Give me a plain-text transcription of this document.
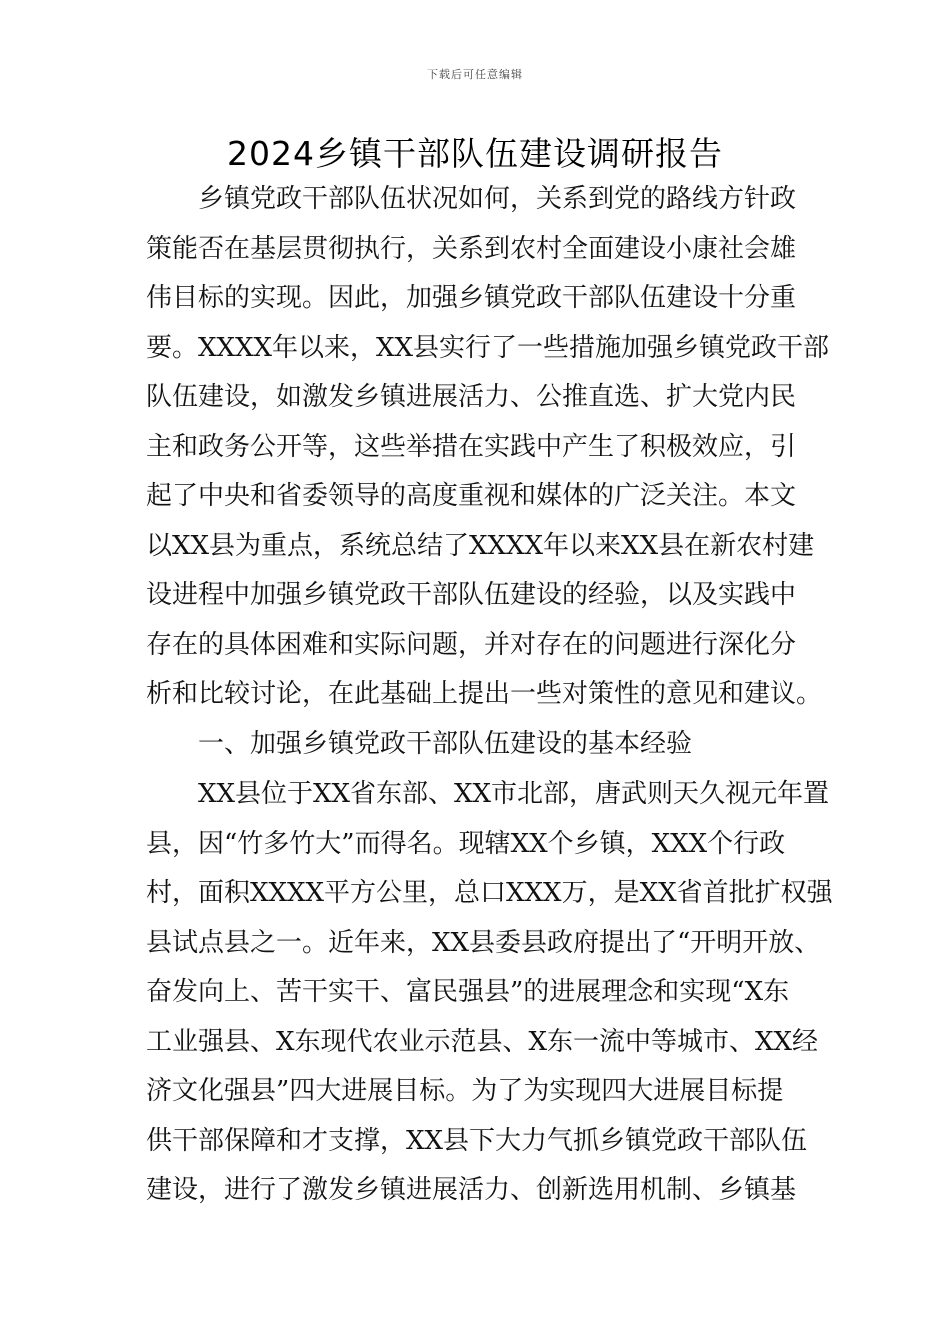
下载后可任意编辑
2024乡镇干部队伍建设调研报告
　　乡镇党政干部队伍状况如何，关系到党的路线方针政
策能否在基层贯彻执行，关系到农村全面建设小康社会雄
伟目标的实现。因此，加强乡镇党政干部队伍建设十分重
要。XXXX年以来，XX县实行了一些措施加强乡镇党政干部
队伍建设，如激发乡镇进展活力、公推直选、扩大党内民
主和政务公开等，这些举措在实践中产生了积极效应，引
起了中央和省委领导的高度重视和媒体的广泛关注。本文
以XX县为重点，系统总结了XXXX年以来XX县在新农村建
设进程中加强乡镇党政干部队伍建设的经验，以及实践中
存在的具体困难和实际问题，并对存在的问题进行深化分
析和比较讨论，在此基础上提出一些对策性的意见和建议。
　　一、加强乡镇党政干部队伍建设的基本经验
　　XX县位于XX省东部、XX市北部，唐武则天久视元年置
县，因“竹多竹大”而得名。现辖XX个乡镇，XXX个行政
村，面积XXXX平方公里，总口XXX万，是XX省首批扩权强
县试点县之一。近年来，XX县委县政府提出了“开明开放、
奋发向上、苦干实干、富民强县”的进展理念和实现“X东
工业强县、X东现代农业示范县、X东一流中等城市、XX经
济文化强县”四大进展目标。为了为实现四大进展目标提
供干部保障和才支撑，XX县下大力气抓乡镇党政干部队伍
建设，进行了激发乡镇进展活力、创新选用机制、乡镇基
